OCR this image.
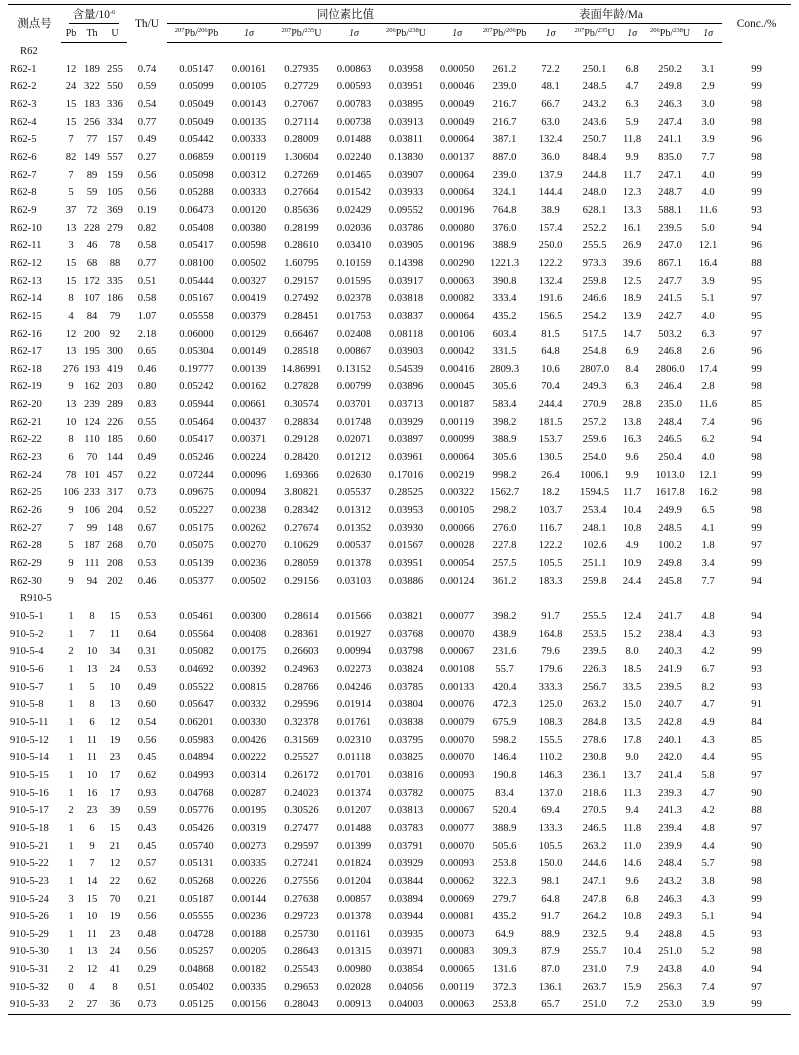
测点号	含量$/10^{-6}$			Th/U	同位素比值						表面年龄/Ma						Conc./%
	Pb	Th	U		$^{207}$Pb/$^{206}$Pb	1σ	$^{207}$Pb/$^{235}$U	1σ	$^{206}$Pb/$^{238}$U	1σ	$^{207}$Pb/$^{206}$Pb	1σ	$^{207}$Pb/$^{235}$U	1σ	$^{206}$Pb/$^{238}$U	1σ	
R62																	
R62-1	12	189	255	0.74	0.05147	0.00161	0.27935	0.00863	0.03958	0.00050	261.2	72.2	250.1	6.8	250.2	3.1	99
R62-2	24	322	550	0.59	0.05099	0.00105	0.27729	0.00593	0.03951	0.00046	239.0	48.1	248.5	4.7	249.8	2.9	99
R62-3	15	183	336	0.54	0.05049	0.00143	0.27067	0.00783	0.03895	0.00049	216.7	66.7	243.2	6.3	246.3	3.0	98
R62-4	15	256	334	0.77	0.05049	0.00135	0.27114	0.00738	0.03913	0.00049	216.7	63.0	243.6	5.9	247.4	3.0	98
R62-5	7	77	157	0.49	0.05442	0.00333	0.28009	0.01488	0.03811	0.00064	387.1	132.4	250.7	11.8	241.1	3.9	96
R62-6	82	149	557	0.27	0.06859	0.00119	1.30604	0.02240	0.13830	0.00137	887.0	36.0	848.4	9.9	835.0	7.7	98
R62-7	7	89	159	0.56	0.05098	0.00312	0.27269	0.01465	0.03907	0.00064	239.0	137.9	244.8	11.7	247.1	4.0	99
R62-8	5	59	105	0.56	0.05288	0.00333	0.27664	0.01542	0.03933	0.00064	324.1	144.4	248.0	12.3	248.7	4.0	99
R62-9	37	72	369	0.19	0.06473	0.00120	0.85636	0.02429	0.09552	0.00196	764.8	38.9	628.1	13.3	588.1	11.6	93
R62-10	13	228	279	0.82	0.05408	0.00380	0.28199	0.02036	0.03786	0.00080	376.0	157.4	252.2	16.1	239.5	5.0	94
R62-11	3	46	78	0.58	0.05417	0.00598	0.28610	0.03410	0.03905	0.00196	388.9	250.0	255.5	26.9	247.0	12.1	96
R62-12	15	68	88	0.77	0.08100	0.00502	1.60795	0.10159	0.14398	0.00290	1221.3	122.2	973.3	39.6	867.1	16.4	88
R62-13	15	172	335	0.51	0.05444	0.00327	0.29157	0.01595	0.03917	0.00063	390.8	132.4	259.8	12.5	247.7	3.9	95
R62-14	8	107	186	0.58	0.05167	0.00419	0.27492	0.02378	0.03818	0.00082	333.4	191.6	246.6	18.9	241.5	5.1	97
R62-15	4	84	79	1.07	0.05558	0.00379	0.28451	0.01753	0.03837	0.00064	435.2	156.5	254.2	13.9	242.7	4.0	95
R62-16	12	200	92	2.18	0.06000	0.00129	0.66467	0.02408	0.08118	0.00106	603.4	81.5	517.5	14.7	503.2	6.3	97
R62-17	13	195	300	0.65	0.05304	0.00149	0.28518	0.00867	0.03903	0.00042	331.5	64.8	254.8	6.9	246.8	2.6	96
R62-18	276	193	419	0.46	0.19777	0.00139	14.86991	0.13152	0.54539	0.00416	2809.3	10.6	2807.0	8.4	2806.0	17.4	99
R62-19	9	162	203	0.80	0.05242	0.00162	0.27828	0.00799	0.03896	0.00045	305.6	70.4	249.3	6.3	246.4	2.8	98
R62-20	13	239	289	0.83	0.05944	0.00661	0.30574	0.03701	0.03713	0.00187	583.4	244.4	270.9	28.8	235.0	11.6	85
R62-21	10	124	226	0.55	0.05464	0.00437	0.28834	0.01748	0.03929	0.00119	398.2	181.5	257.2	13.8	248.4	7.4	96
R62-22	8	110	185	0.60	0.05417	0.00371	0.29128	0.02071	0.03897	0.00099	388.9	153.7	259.6	16.3	246.5	6.2	94
R62-23	6	70	144	0.49	0.05246	0.00224	0.28420	0.01212	0.03961	0.00064	305.6	130.5	254.0	9.6	250.4	4.0	98
R62-24	78	101	457	0.22	0.07244	0.00096	1.69366	0.02630	0.17016	0.00219	998.2	26.4	1006.1	9.9	1013.0	12.1	99
R62-25	106	233	317	0.73	0.09675	0.00094	3.80821	0.05537	0.28525	0.00322	1562.7	18.2	1594.5	11.7	1617.8	16.2	98
R62-26	9	106	204	0.52	0.05227	0.00238	0.28342	0.01312	0.03953	0.00105	298.2	103.7	253.4	10.4	249.9	6.5	98
R62-27	7	99	148	0.67	0.05175	0.00262	0.27674	0.01352	0.03930	0.00066	276.0	116.7	248.1	10.8	248.5	4.1	99
R62-28	5	187	268	0.70	0.05075	0.00270	0.10629	0.00537	0.01567	0.00028	227.8	122.2	102.6	4.9	100.2	1.8	97
R62-29	9	111	208	0.53	0.05139	0.00236	0.28059	0.01378	0.03951	0.00054	257.5	105.5	251.1	10.9	249.8	3.4	99
R62-30	9	94	202	0.46	0.05377	0.00502	0.29156	0.03103	0.03886	0.00124	361.2	183.3	259.8	24.4	245.8	7.7	94
R910-5																	
910-5-1	1	8	15	0.53	0.05461	0.00300	0.28614	0.01566	0.03821	0.00077	398.2	91.7	255.5	12.4	241.7	4.8	94
910-5-2	1	7	11	0.64	0.05564	0.00408	0.28361	0.01927	0.03768	0.00070	438.9	164.8	253.5	15.2	238.4	4.3	93
910-5-4	2	10	34	0.31	0.05082	0.00175	0.26603	0.00994	0.03798	0.00067	231.6	79.6	239.5	8.0	240.3	4.2	99
910-5-6	1	13	24	0.53	0.04692	0.00392	0.24963	0.02273	0.03824	0.00108	55.7	179.6	226.3	18.5	241.9	6.7	93
910-5-7	1	5	10	0.49	0.05522	0.00815	0.28766	0.04246	0.03785	0.00133	420.4	333.3	256.7	33.5	239.5	8.2	93
910-5-8	1	8	13	0.60	0.05647	0.00332	0.29596	0.01914	0.03804	0.00076	472.3	125.0	263.2	15.0	240.7	4.7	91
910-5-11	1	6	12	0.54	0.06201	0.00330	0.32378	0.01761	0.03838	0.00079	675.9	108.3	284.8	13.5	242.8	4.9	84
910-5-12	1	11	19	0.56	0.05983	0.00426	0.31569	0.02310	0.03795	0.00070	598.2	155.5	278.6	17.8	240.1	4.3	85
910-5-14	1	11	23	0.45	0.04894	0.00222	0.25527	0.01118	0.03825	0.00070	146.4	110.2	230.8	9.0	242.0	4.4	95
910-5-15	1	10	17	0.62	0.04993	0.00314	0.26172	0.01701	0.03816	0.00093	190.8	146.3	236.1	13.7	241.4	5.8	97
910-5-16	1	16	17	0.93	0.04768	0.00287	0.24023	0.01374	0.03782	0.00075	83.4	137.0	218.6	11.3	239.3	4.7	90
910-5-17	2	23	39	0.59	0.05776	0.00195	0.30526	0.01207	0.03813	0.00067	520.4	69.4	270.5	9.4	241.3	4.2	88
910-5-18	1	6	15	0.43	0.05426	0.00319	0.27477	0.01488	0.03783	0.00077	388.9	133.3	246.5	11.8	239.4	4.8	97
910-5-21	1	9	21	0.45	0.05740	0.00273	0.29597	0.01399	0.03791	0.00070	505.6	105.5	263.2	11.0	239.9	4.4	90
910-5-22	1	7	12	0.57	0.05131	0.00335	0.27241	0.01824	0.03929	0.00093	253.8	150.0	244.6	14.6	248.4	5.7	98
910-5-23	1	14	22	0.62	0.05268	0.00226	0.27556	0.01204	0.03844	0.00062	322.3	98.1	247.1	9.6	243.2	3.8	98
910-5-24	3	15	70	0.21	0.05187	0.00144	0.27638	0.00857	0.03894	0.00069	279.7	64.8	247.8	6.8	246.3	4.3	99
910-5-26	1	10	19	0.56	0.05555	0.00236	0.29723	0.01378	0.03944	0.00081	435.2	91.7	264.2	10.8	249.3	5.1	94
910-5-29	1	11	23	0.48	0.04728	0.00188	0.25730	0.01161	0.03935	0.00073	64.9	88.9	232.5	9.4	248.8	4.5	93
910-5-30	1	13	24	0.56	0.05257	0.00205	0.28643	0.01315	0.03971	0.00083	309.3	87.9	255.7	10.4	251.0	5.2	98
910-5-31	2	12	41	0.29	0.04868	0.00182	0.25543	0.00980	0.03854	0.00065	131.6	87.0	231.0	7.9	243.8	4.0	94
910-5-32	0	4	8	0.51	0.05402	0.00335	0.29653	0.02028	0.04056	0.00119	372.3	136.1	263.7	15.9	256.3	7.4	97
910-5-33	2	27	36	0.73	0.05125	0.00156	0.28043	0.00913	0.04003	0.00063	253.8	65.7	251.0	7.2	253.0	3.9	99
